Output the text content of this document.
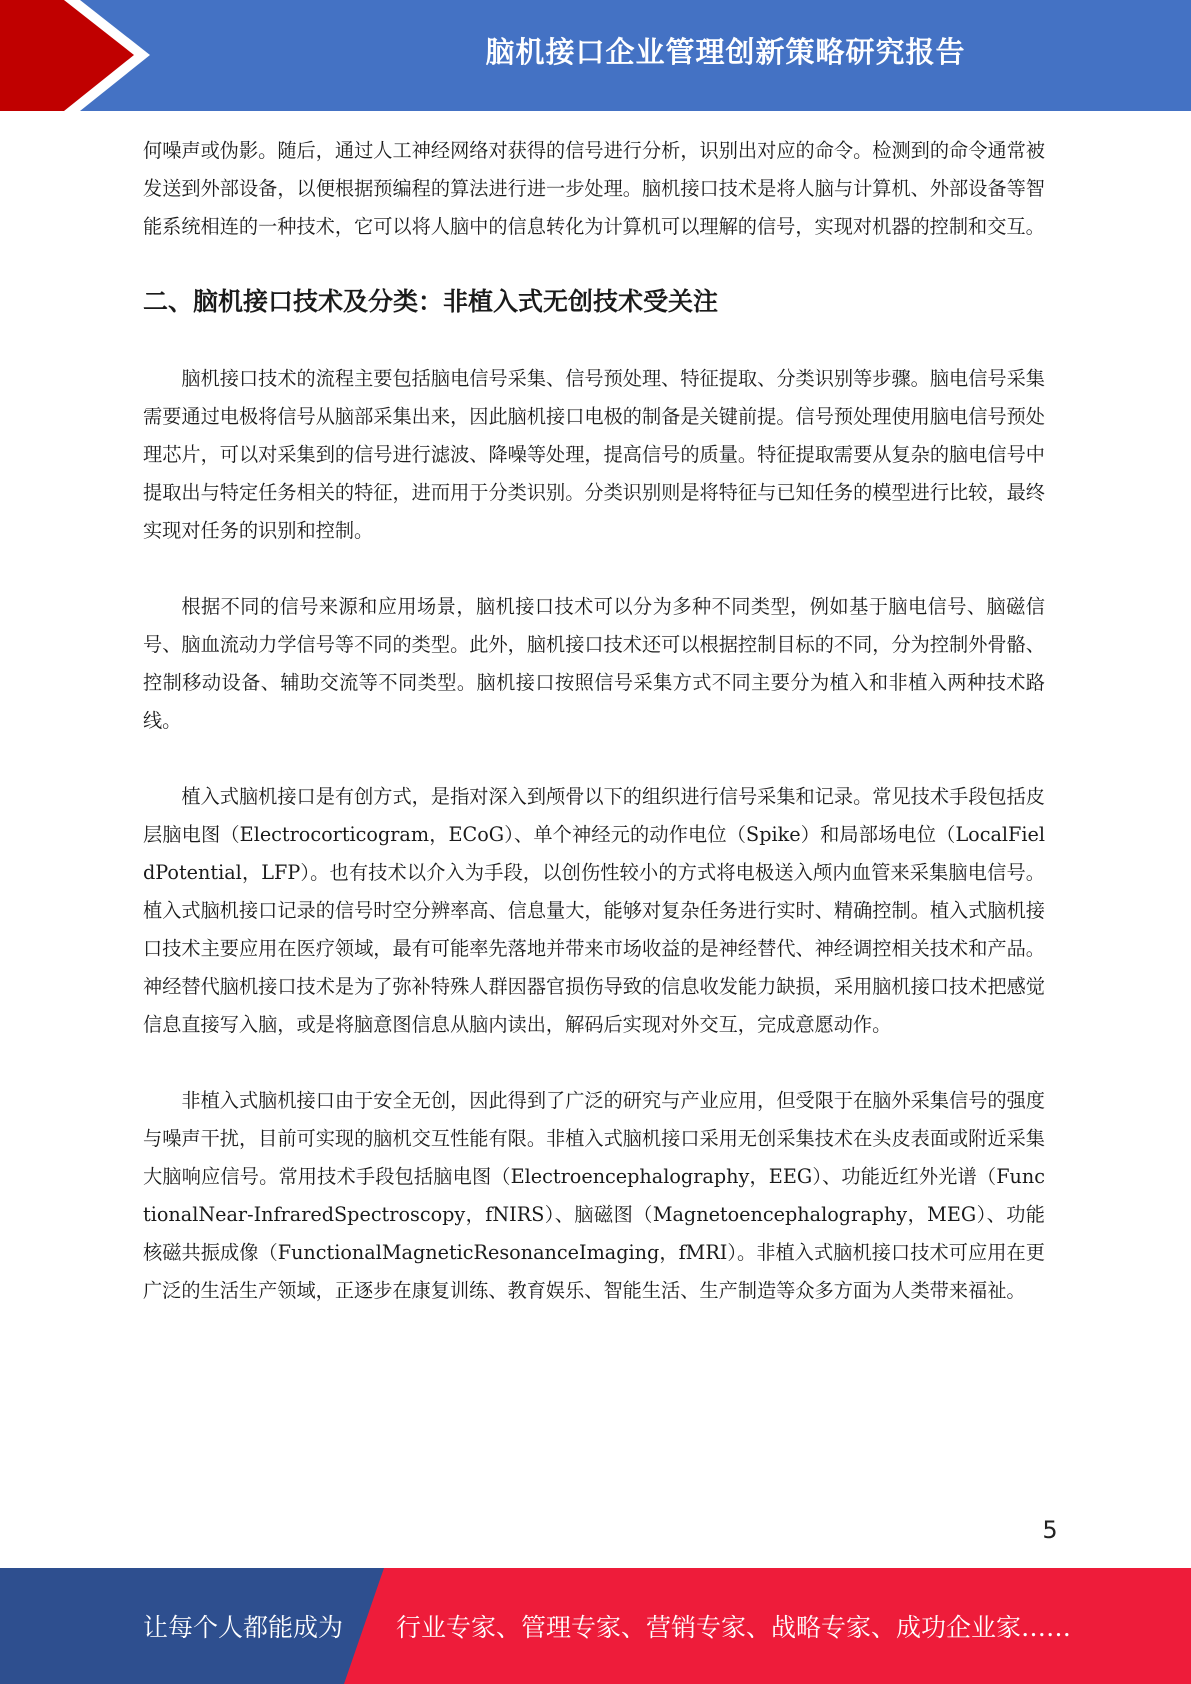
脑机接口企业管理创新策略研究报告

何噪声或伪影。随后，通过人工神经网络对获得的信号进行分析，识别出对应的命令。检测到的命令通常被发送到外部设备，以便根据预编程的算法进行进一步处理。脑机接口技术是将人脑与计算机、外部设备等智能系统相连的一种技术，它可以将人脑中的信息转化为计算机可以理解的信号，实现对机器的控制和交互。

二、脑机接口技术及分类：非植入式无创技术受关注

脑机接口技术的流程主要包括脑电信号采集、信号预处理、特征提取、分类识别等步骤。脑电信号采集需要通过电极将信号从脑部采集出来，因此脑机接口电极的制备是关键前提。信号预处理使用脑电信号预处理芯片，可以对采集到的信号进行滤波、降噪等处理，提高信号的质量。特征提取需要从复杂的脑电信号中提取出与特定任务相关的特征，进而用于分类识别。分类识别则是将特征与已知任务的模型进行比较，最终实现对任务的识别和控制。

根据不同的信号来源和应用场景，脑机接口技术可以分为多种不同类型，例如基于脑电信号、脑磁信号、脑血流动力学信号等不同的类型。此外，脑机接口技术还可以根据控制目标的不同，分为控制外骨骼、控制移动设备、辅助交流等不同类型。脑机接口按照信号采集方式不同主要分为植入和非植入两种技术路线。

植入式脑机接口是有创方式，是指对深入到颅骨以下的组织进行信号采集和记录。常见技术手段包括皮层脑电图（Electrocorticogram，ECoG）、单个神经元的动作电位（Spike）和局部场电位（LocalFieldPotential，LFP）。也有技术以介入为手段，以创伤性较小的方式将电极送入颅内血管来采集脑电信号。植入式脑机接口记录的信号时空分辨率高、信息量大，能够对复杂任务进行实时、精确控制。植入式脑机接口技术主要应用在医疗领域，最有可能率先落地并带来市场收益的是神经替代、神经调控相关技术和产品。神经替代脑机接口技术是为了弥补特殊人群因器官损伤导致的信息收发能力缺损，采用脑机接口技术把感觉信息直接写入脑，或是将脑意图信息从脑内读出，解码后实现对外交互，完成意愿动作。

非植入式脑机接口由于安全无创，因此得到了广泛的研究与产业应用，但受限于在脑外采集信号的强度与噪声干扰，目前可实现的脑机交互性能有限。非植入式脑机接口采用无创采集技术在头皮表面或附近采集大脑响应信号。常用技术手段包括脑电图（Electroencephalography，EEG）、功能近红外光谱（FunctionalNear-InfraredSpectroscopy，fNIRS）、脑磁图（Magnetoencephalography，MEG）、功能核磁共振成像（FunctionalMagneticResonanceImaging，fMRI）。非植入式脑机接口技术可应用在更广泛的生活生产领域，正逐步在康复训练、教育娱乐、智能生活、生产制造等众多方面为人类带来福祉。

5
让每个人都能成为 行业专家、管理专家、营销专家、战略专家、成功企业家……
